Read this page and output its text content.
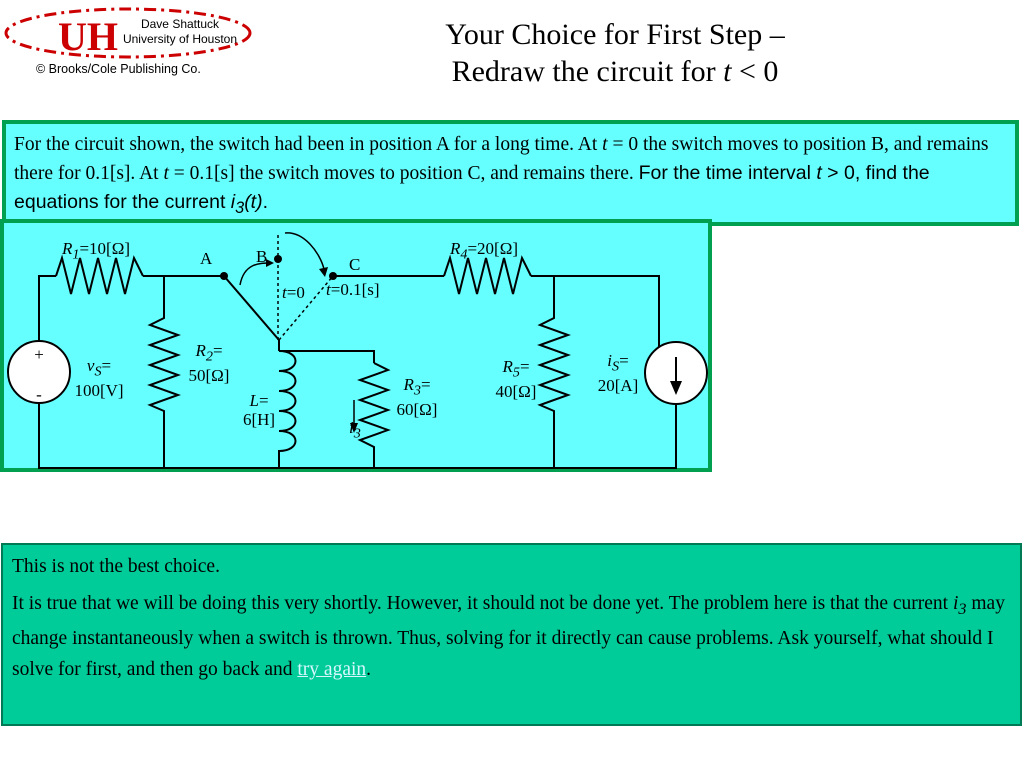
UH	Dave Shattuck
University of Houston
© Brooks/Cole Publishing Co.
Your Choice for First Step –
Redraw the circuit for t < 0
For the circuit shown, the switch had been in position A for a long time. At t = 0 the switch moves to position B, and remains there for 0.1[s]. At t = 0.1[s] the switch moves to position C, and remains there. For the time interval t > 0, find the equations for the current $i_3(t)$.
$R_1=10[\Omega]$	$R_4=20[\Omega]$
A	B	C
t=0 t=0.1[s]
$R_2=$
50[Ω]
L=
6[H]
$R_3=$
60[Ω]
$i_3$
$R_5=$
40[Ω]
$v_S=$
100[V]
$i_S=$
20[A]
+
-

This is not the best choice.

It is true that we will be doing this very shortly. However, it should not be done yet. The problem here is that the current $i_3$ may change instantaneously when a switch is thrown. Thus, solving for it directly can cause problems. Ask yourself, what should I solve for first, and then go back and try again.
